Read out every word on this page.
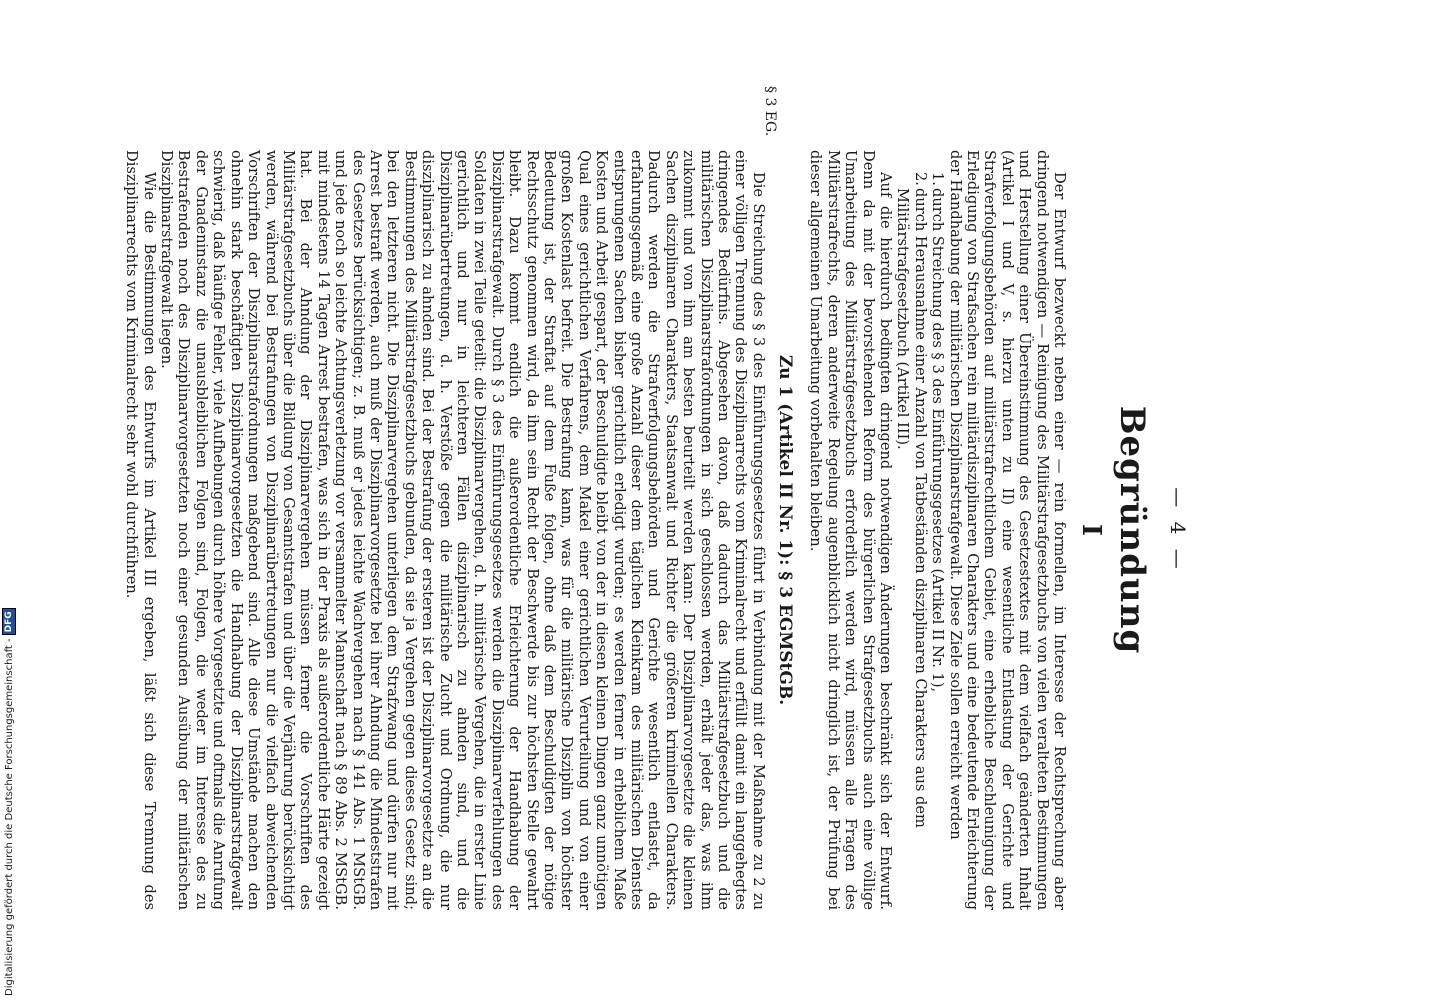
— 4 —
Begründung
I

Der Entwurf bezweckt neben einer — rein formellen, im Interesse der Rechtsprechung aber dringend notwendigen — Reinigung des Militärstrafgesetzbuchs von vielen veralteten Bestimmungen und Herstellung einer Übereinstimmung des Gesetzestextes mit dem vielfach geänderten Inhalt (Artikel I und V, s. hierzu unten zu II) eine wesentliche Entlastung der Gerichte und Strafverfolgungsbehörden auf militärstrafrechtlichem Gebiet, eine erhebliche Beschleunigung der Erledigung von Strafsachen rein militärdisziplinaren Charakters und eine bedeutende Erleichterung der Handhabung der militärischen Disziplinarstrafgewalt. Diese Ziele sollen erreicht werden

1.durch Streichung des § 3 des Einführungsgesetzes (Artikel II Nr. 1),
2.durch Herausnahme einer Anzahl von Tatbeständen disziplinaren Charakters aus dem Militärstrafgesetzbuch (Artikel III).

Auf die hierdurch bedingten dringend notwendigen Änderungen beschränkt sich der Entwurf. Denn da mit der bevorstehenden Reform des bürgerlichen Strafgesetzbuchs auch eine völlige Umarbeitung des Militärstrafgesetzbuchs erforderlich werden wird, müssen alle Fragen des Militärstrafrechts, deren anderweite Regelung augenblicklich nicht dringlich ist, der Prüfung bei dieser allgemeinen Umarbeitung vorbehalten bleiben.

Zu 1 (Artikel II Nr. 1): § 3 EGMStGB.
§ 3 EG.

Die Streichung des § 3 des Einführungsgesetzes führt in Verbindung mit der Maßnahme zu 2 zu einer völligen Trennung des Disziplinarrechts vom Kriminalrecht und erfüllt damit ein langgehegtes dringendes Bedürfnis. Abgesehen davon, daß dadurch das Militärstrafgesetzbuch und die militärischen Disziplinarstrafordnungen in sich geschlossen werden, erhält jeder das, was ihm zukommt und von ihm am besten beurteilt werden kann: Der Disziplinarvorgesetzte die kleinen Sachen disziplinaren Charakters, Staatsanwalt und Richter die größeren kriminellen Charakters. Dadurch werden die Strafverfolgungsbehörden und Gerichte wesentlich entlastet, da erfahrungsgemäß eine große Anzahl dieser dem täglichen Kleinkram des militärischen Dienstes entsprungenen Sachen bisher gerichtlich erledigt wurden; es werden ferner in erheblichem Maße Kosten und Arbeit gespart, der Beschuldigte bleibt von der in diesen kleinen Dingen ganz unnötigen Qual eines gerichtlichen Verfahrens, dem Makel einer gerichtlichen Verurteilung und von einer großen Kostenlast befreit. Die Bestrafung kann, was für die militärische Disziplin von höchster Bedeutung ist, der Straftat auf dem Fuße folgen, ohne daß dem Beschuldigten der nötige Rechtsschutz genommen wird, da ihm sein Recht der Beschwerde bis zur höchsten Stelle gewahrt bleibt. Dazu kommt endlich die außerordentliche Erleichterung der Handhabung der Disziplinarstrafgewalt. Durch § 3 des Einführungsgesetzes werden die Disziplinarverfehlungen des Soldaten in zwei Teile geteilt: die Disziplinarvergehen, d. h. militärische Vergehen, die in erster Linie gerichtlich und nur in leichteren Fällen disziplinarisch zu ahnden sind, und die Disziplinarübertretungen, d. h. Verstöße gegen die militärische Zucht und Ordnung, die nur disziplinarisch zu ahnden sind. Bei der Bestrafung der ersteren ist der Disziplinarvorgesetzte an die Bestimmungen des Militärstrafgesetzbuchs gebunden, da sie ja Vergehen gegen dieses Gesetz sind; bei den letzteren nicht. Die Disziplinarvergehen unterliegen dem Strafzwang und dürfen nur mit Arrest bestraft werden, auch muß der Disziplinarvorgesetzte bei ihrer Ahndung die Mindeststrafen des Gesetzes berücksichtigen; z. B. muß er jedes leichte Wachvergehen nach § 141 Abs. 1 MStGB. und jede noch so leichte Achtungsverletzung vor versammelter Mannschaft nach § 89 Abs. 2 MStGB. mit mindestens 14 Tagen Arrest bestrafen, was sich in der Praxis als außerordentliche Härte gezeigt hat. Bei der Ahndung der Disziplinarvergehen müssen ferner die Vorschriften des Militärstrafgesetzbuchs über die Bildung von Gesamtstrafen und über die Verjährung berücksichtigt werden, während bei Bestrafungen von Disziplinarübertretungen nur die vielfach abweichenden Vorschriften der Disziplinarstrafordnungen maßgebend sind. Alle diese Umstände machen den ohnehin stark beschäftigten Disziplinarvorgesetzten die Handhabung der Disziplinarstrafgewalt schwierig, daß häufige Fehler, viele Aufhebungen durch höhere Vorgesetzte und oftmals die Anrufung der Gnadeninstanz die unausbleiblichen Folgen sind, Folgen, die weder im Interesse des zu Bestrafenden noch des Disziplinarvorgesetzten noch einer gesunden Ausübung der militärischen Disziplinarstrafgewalt liegen.

Wie die Bestimmungen des Entwurfs im Artikel III ergeben, läßt sich diese Trennung des Disziplinarrechts vom Kriminalrecht sehr wohl durchführen.

Digitalisierung gefördert durch die Deutsche Forschungsgemeinschaft -
DFG
